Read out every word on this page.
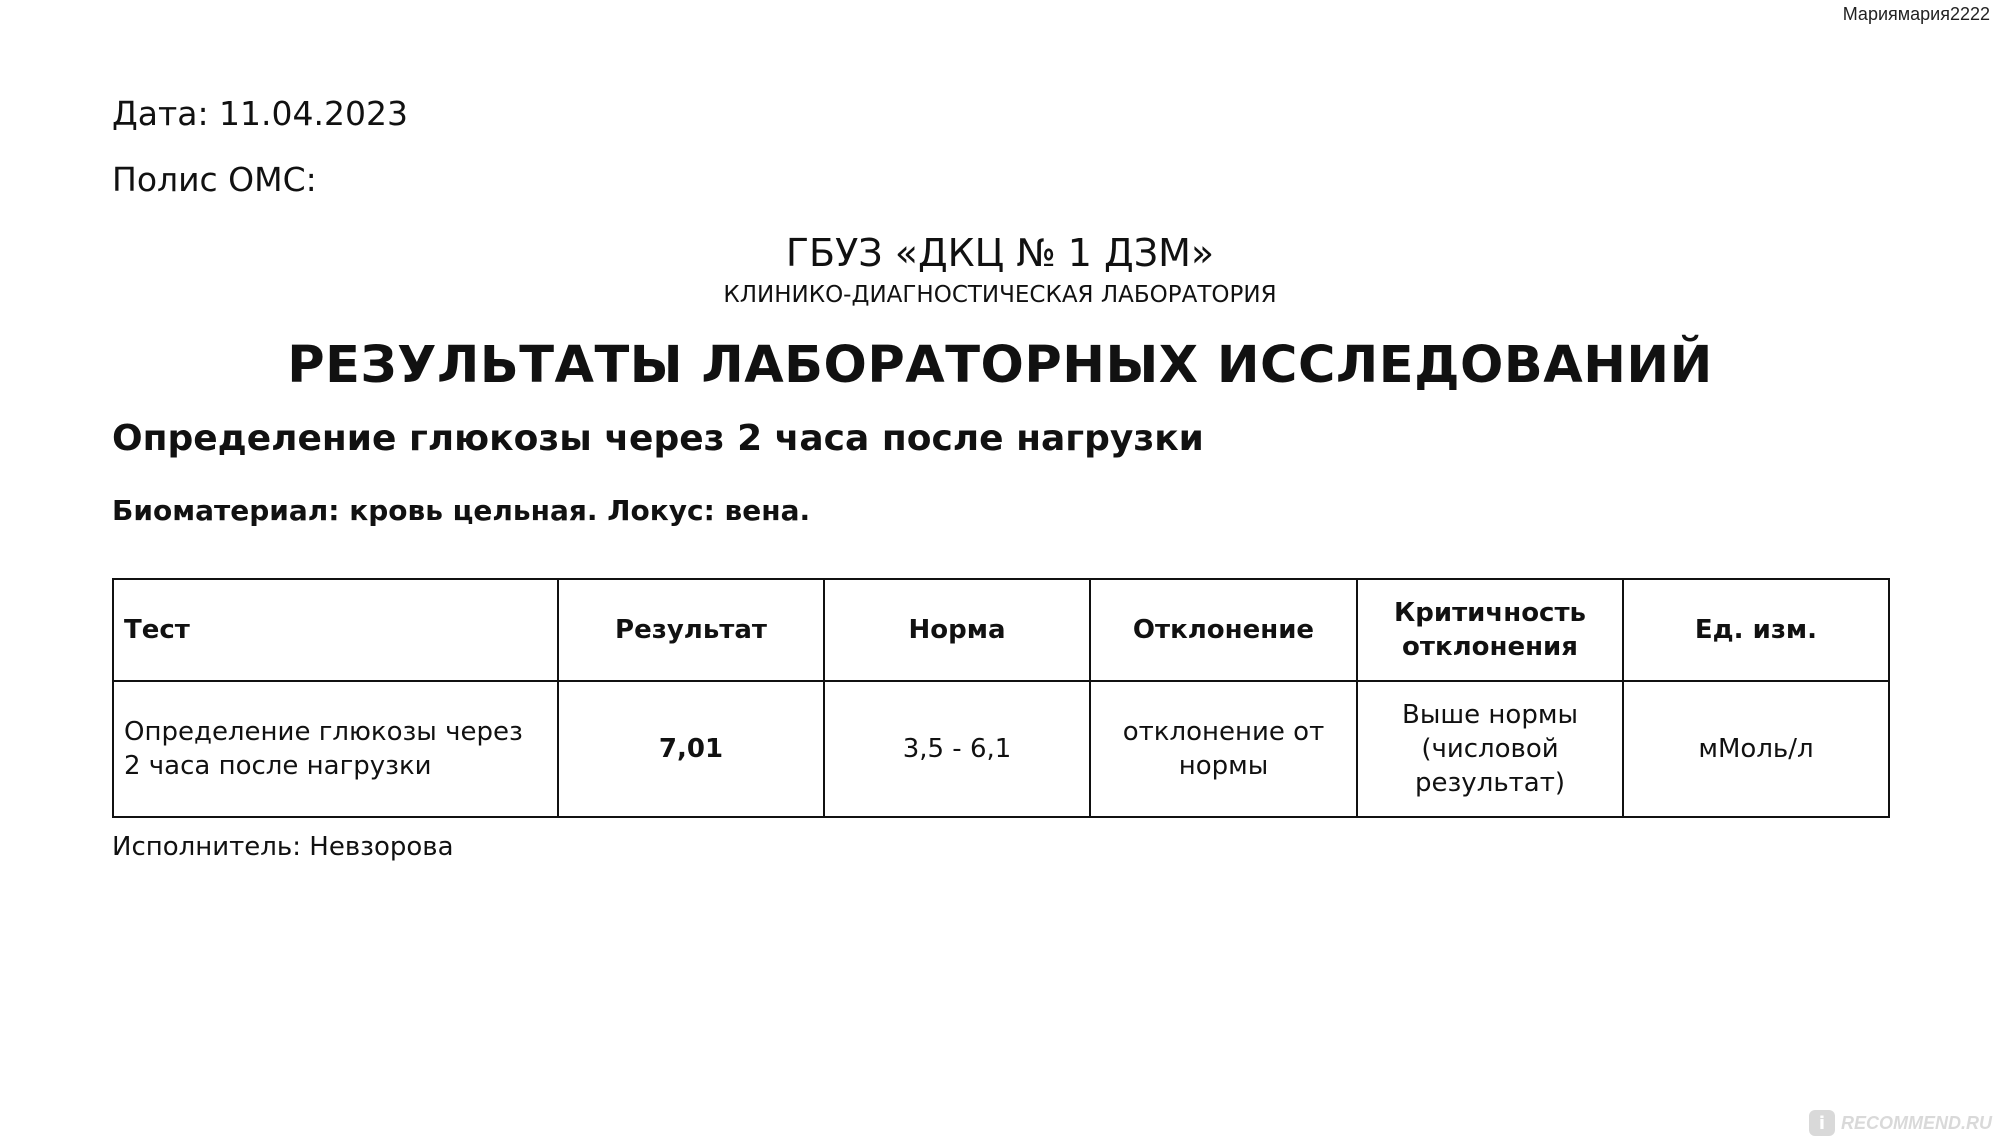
Мариямария2222
Дата: 11.04.2023
Полис ОМС:
ГБУЗ «ДКЦ № 1 ДЗМ»
КЛИНИКО-ДИАГНОСТИЧЕСКАЯ ЛАБОРАТОРИЯ
РЕЗУЛЬТАТЫ ЛАБОРАТОРНЫХ ИССЛЕДОВАНИЙ
Определение глюкозы через 2 часа после нагрузки
Биоматериал: кровь цельная. Локус: вена.
Тест	Результат	Норма	Отклонение	Критичность отклонения	Ед. изм.
Определение глюкозы через 2 часа после нагрузки	7,01	3,5 - 6,1	отклонение от нормы	Выше нормы (числовой результат)	мМоль/л
Исполнитель: Невзорова
i RECOMMEND.RU
